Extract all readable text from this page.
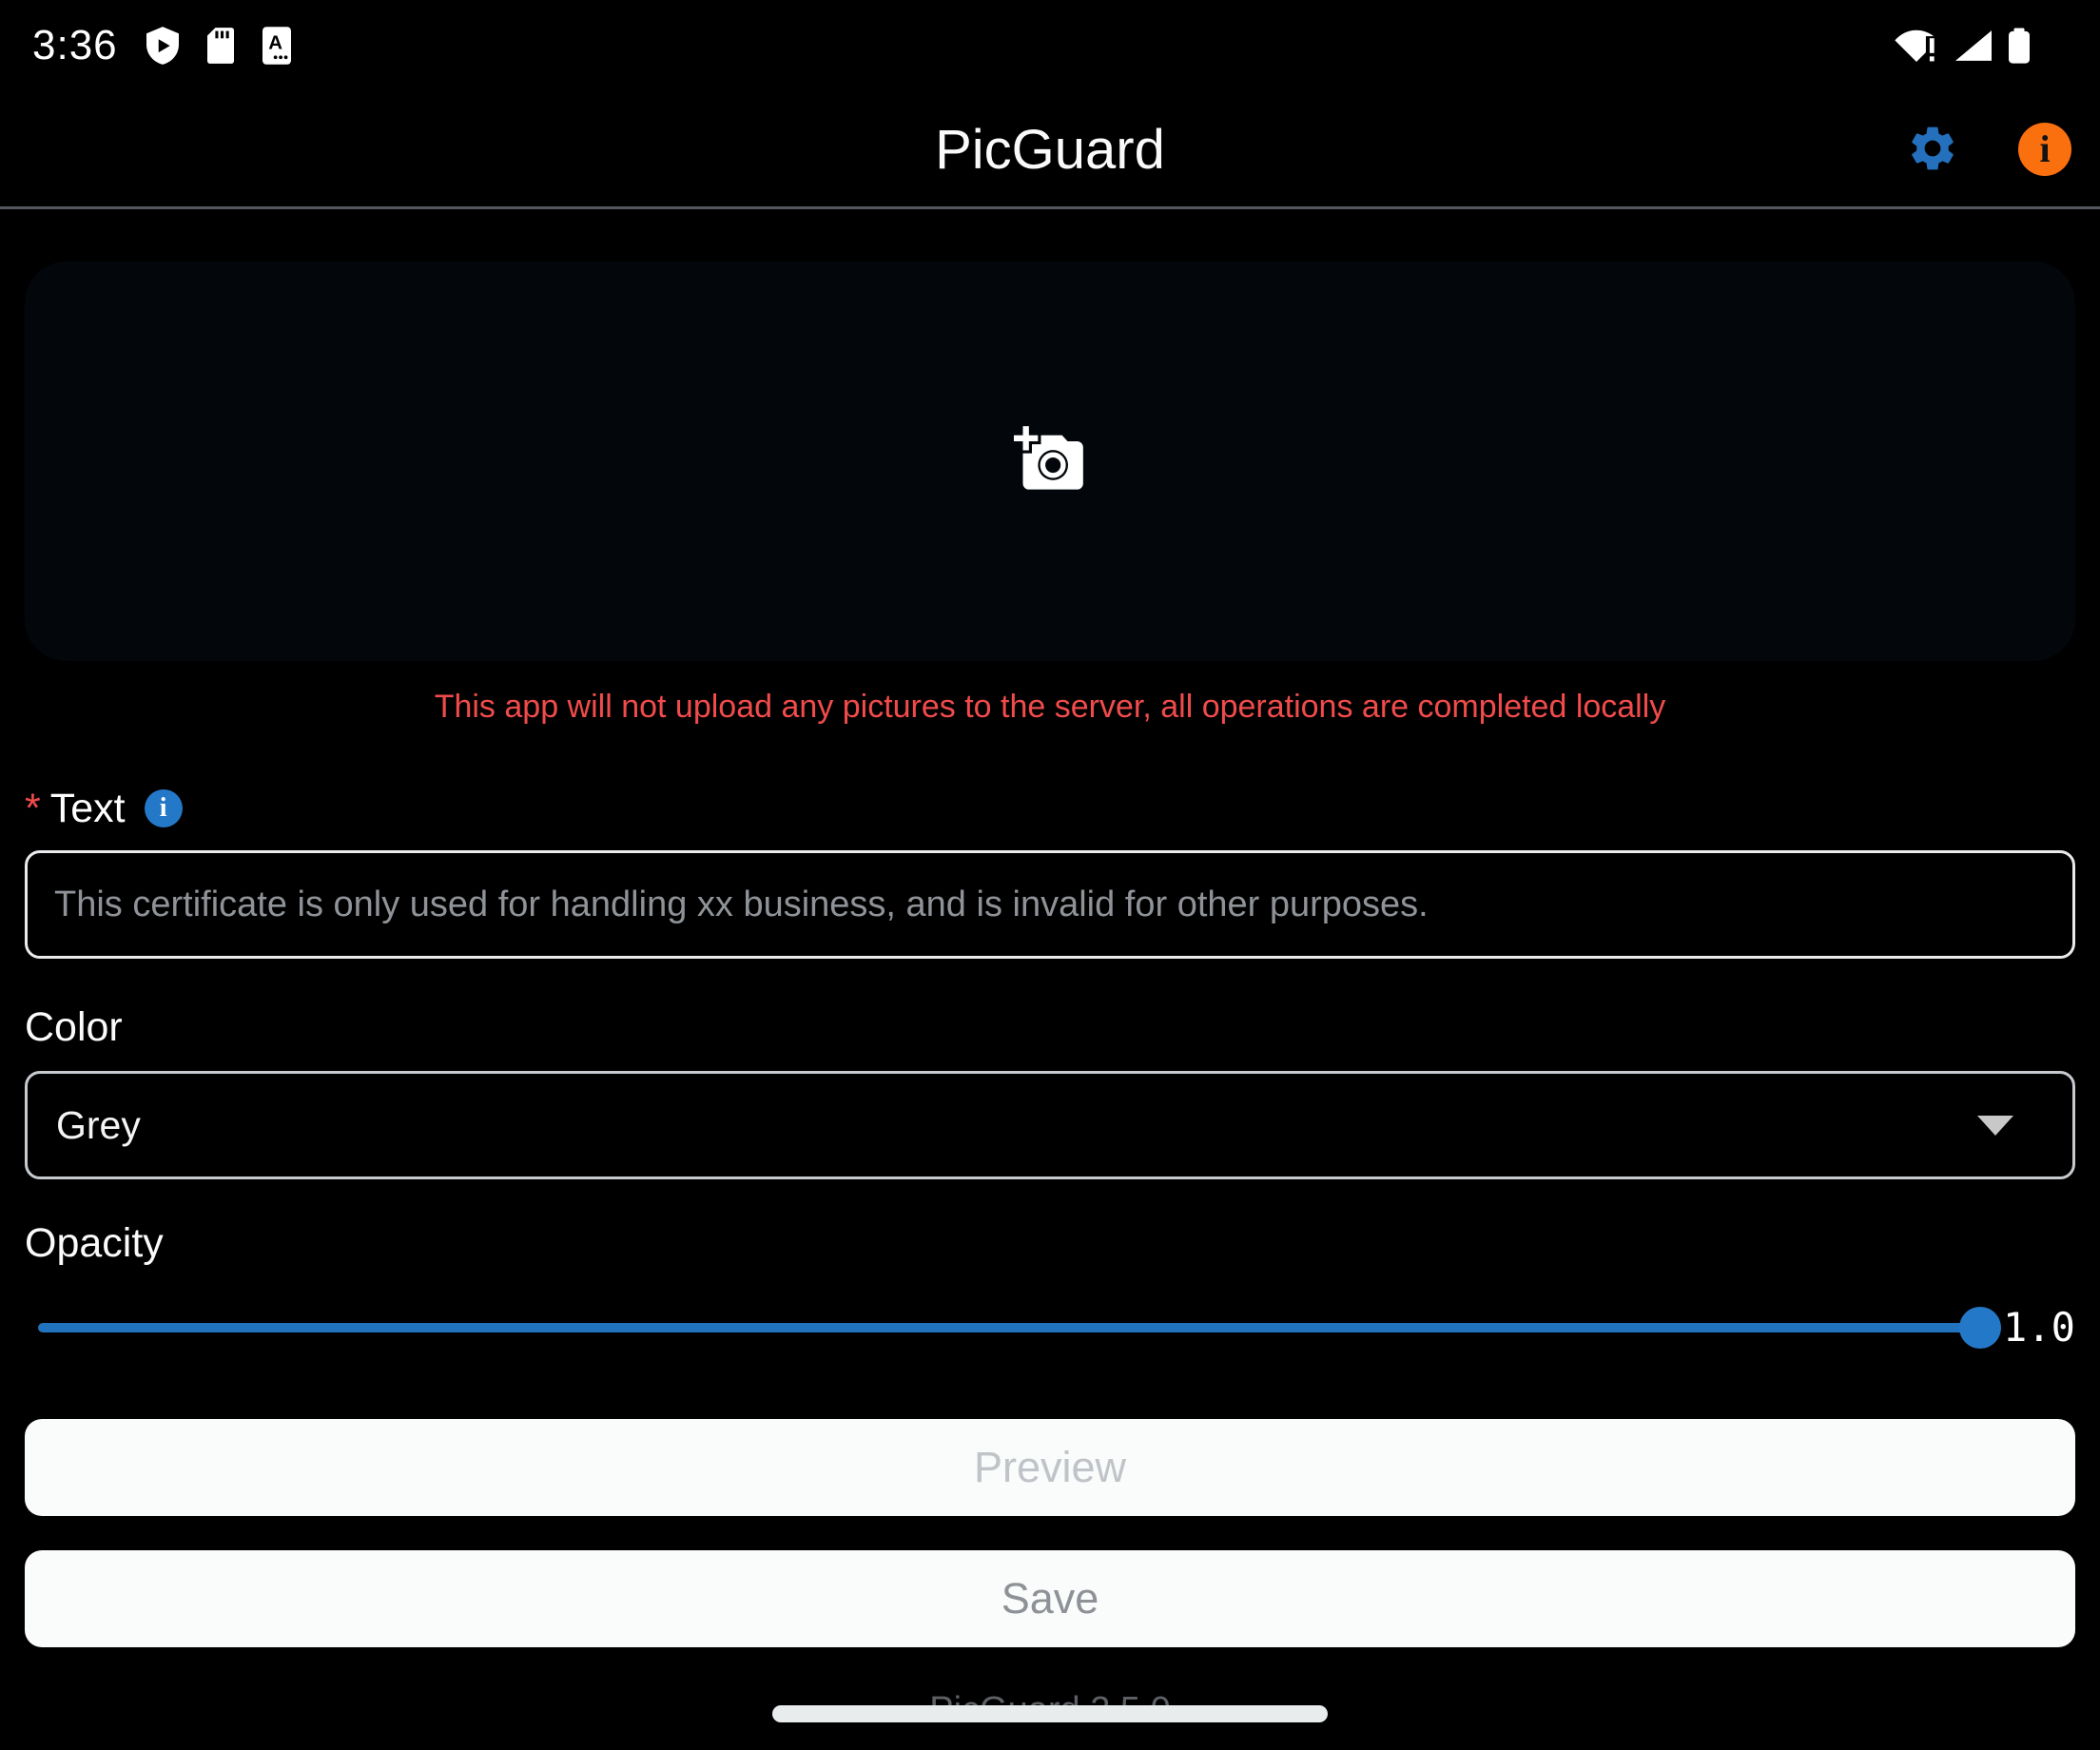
3:36	A
PicGuard	i
This app will not upload any pictures to the server, all operations are completed locally
* Text	i
This certificate is only used for handling xx business, and is invalid for other purposes.
Color
Grey
Opacity
1.0
Preview
Save
